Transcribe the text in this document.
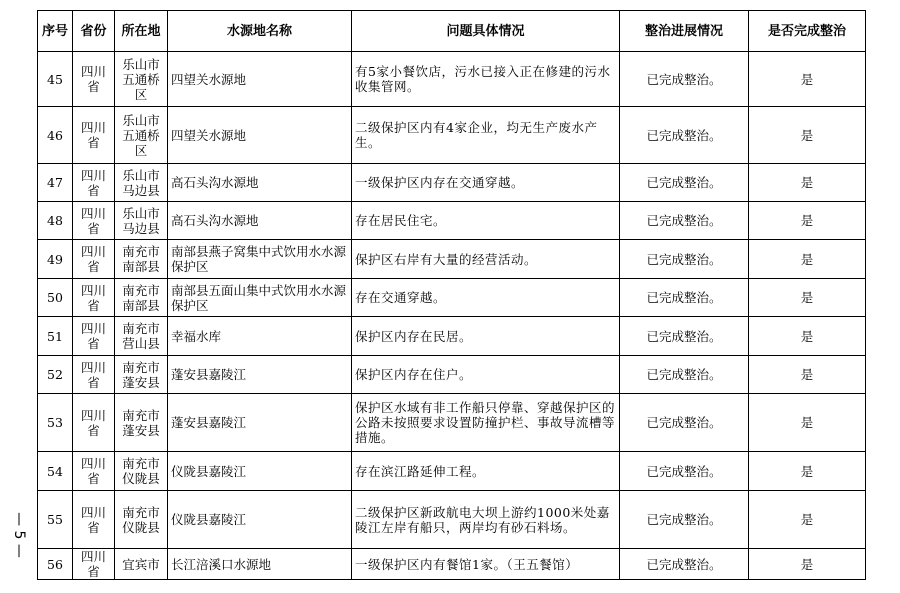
— 5 —
序号	省份	所在地	水源地名称	问题具体情况	整治进展情况	是否完成整治
45	四川省	乐山市五通桥区	四望关水源地	有5家小餐饮店，污水已接入正在修建的污水收集管网。	已完成整治。	是
46	四川省	乐山市五通桥区	四望关水源地	二级保护区内有4家企业，均无生产废水产生。	已完成整治。	是
47	四川省	乐山市马边县	高石头沟水源地	一级保护区内存在交通穿越。	已完成整治。	是
48	四川省	乐山市马边县	高石头沟水源地	存在居民住宅。	已完成整治。	是
49	四川省	南充市南部县	南部县燕子窝集中式饮用水水源保护区	保护区右岸有大量的经营活动。	已完成整治。	是
50	四川省	南充市南部县	南部县五面山集中式饮用水水源保护区	存在交通穿越。	已完成整治。	是
51	四川省	南充市营山县	幸福水库	保护区内存在民居。	已完成整治。	是
52	四川省	南充市蓬安县	蓬安县嘉陵江	保护区内存在住户。	已完成整治。	是
53	四川省	南充市蓬安县	蓬安县嘉陵江	保护区水域有非工作船只停靠、穿越保护区的公路未按照要求设置防撞护栏、事故导流槽等措施。	已完成整治。	是
54	四川省	南充市仪陇县	仪陇县嘉陵江	存在滨江路延伸工程。	已完成整治。	是
55	四川省	南充市仪陇县	仪陇县嘉陵江	二级保护区新政航电大坝上游约1000米处嘉陵江左岸有船只，两岸均有砂石料场。	已完成整治。	是
56	四川省	宜宾市	长江涪溪口水源地	一级保护区内有餐馆1家。（王五餐馆）	已完成整治。	是
